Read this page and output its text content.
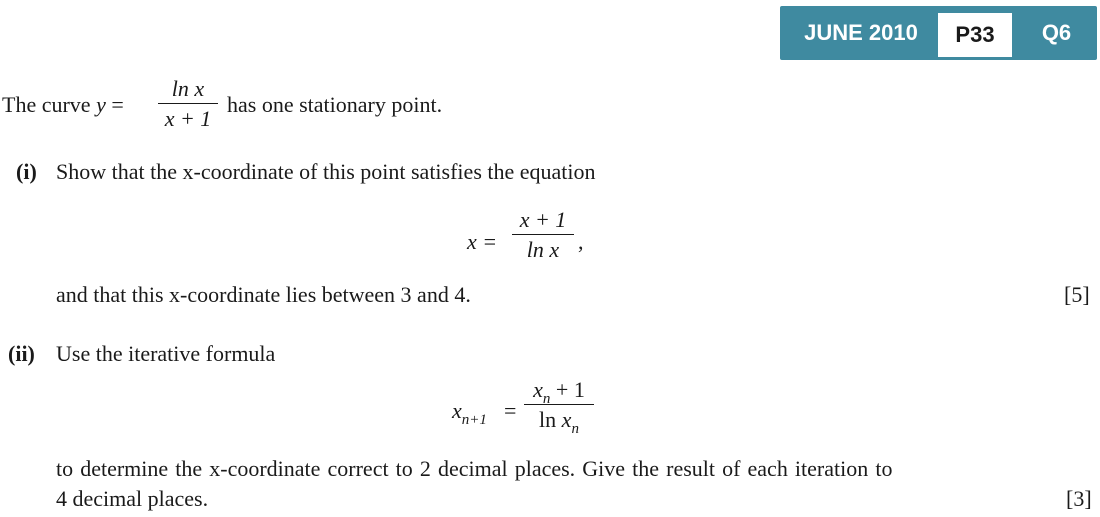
JUNE 2010	P33	Q6
The curve y =
ln x
x + 1
has one stationary point.
(i) Show that the x-coordinate of this point satisfies the equation
x =
x + 1
ln x ,
and that this x-coordinate lies between 3 and 4.	[5]
(ii) Use the iterative formula
$x_{n+1}$ =
$x_n + 1$
$\ln x_n$
to determine the x-coordinate correct to 2 decimal places. Give the result of each iteration to
4 decimal places.	[3]
